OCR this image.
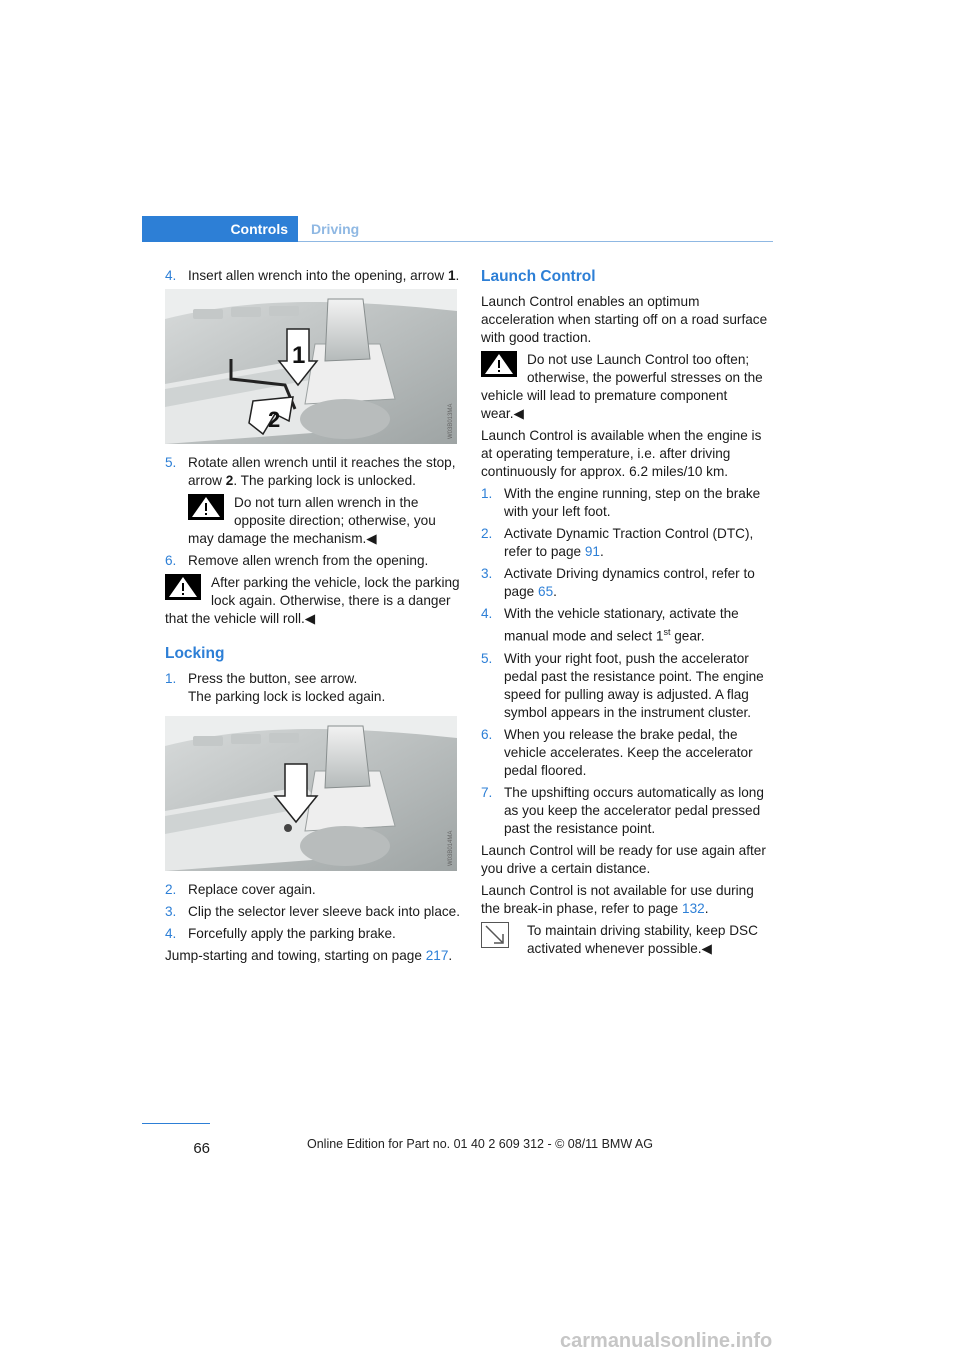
Controls	Driving
4. Insert allen wrench into the opening, arrow 1.
1
2	W03B013MA
5. Rotate allen wrench until it reaches the stop, arrow 2. The parking lock is unlocked.
Do not turn allen wrench in the opposite direction; otherwise, you may damage the mechanism.◀
6. Remove allen wrench from the opening.
After parking the vehicle, lock the parking lock again. Otherwise, there is a danger that the vehicle will roll.◀
Locking
1. Press the button, see arrow.
The parking lock is locked again.
W03B014MA
2. Replace cover again.
3. Clip the selector lever sleeve back into place.
4. Forcefully apply the parking brake.

Jump-starting and towing, starting on page 217.

Launch Control

Launch Control enables an optimum acceleration when starting off on a road surface with good traction.

Do not use Launch Control too often; otherwise, the powerful stresses on the vehicle will lead to premature component wear.◀

Launch Control is available when the engine is at operating temperature, i.e. after driving continuously for approx. 6.2 miles/10 km.

1. With the engine running, step on the brake with your left foot.
2. Activate Dynamic Traction Control (DTC), refer to page 91.
3. Activate Driving dynamics control, refer to page 65.
4. With the vehicle stationary, activate the manual mode and select 1st gear.
5. With your right foot, push the accelerator pedal past the resistance point. The engine speed for pulling away is adjusted. A flag symbol appears in the instrument cluster.
6. When you release the brake pedal, the vehicle accelerates. Keep the accelerator pedal floored.
7. The upshifting occurs automatically as long as you keep the accelerator pedal pressed past the resistance point.

Launch Control will be ready for use again after you drive a certain distance.

Launch Control is not available for use during the break-in phase, refer to page 132.

To maintain driving stability, keep DSC activated whenever possible.◀
66	Online Edition for Part no. 01 40 2 609 312 - © 08/11 BMW AG
carmanualsonline.info
